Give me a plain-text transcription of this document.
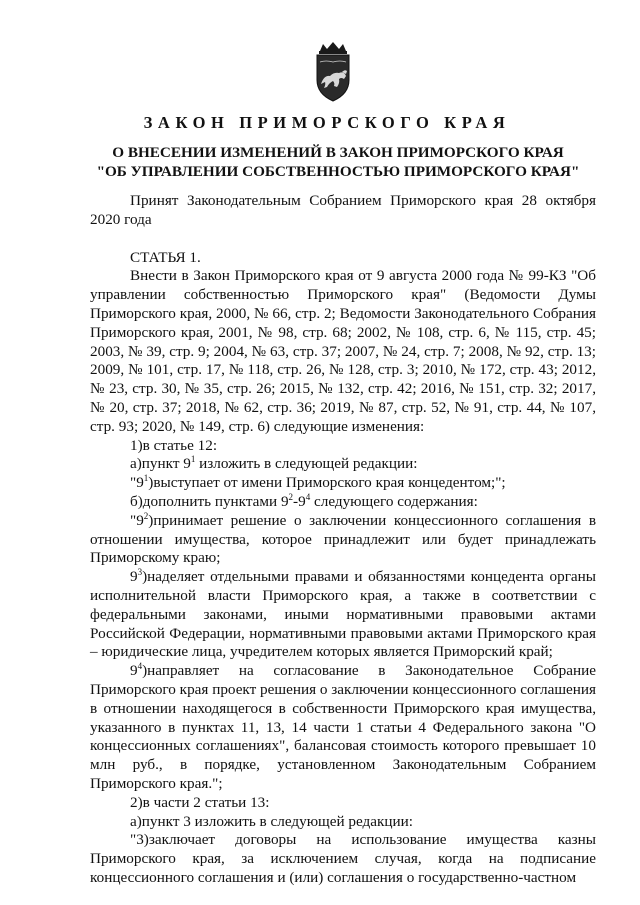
ЗАКОН ПРИМОРСКОГО КРАЯ
О ВНЕСЕНИИ ИЗМЕНЕНИЙ В ЗАКОН ПРИМОРСКОГО КРАЯ
"ОБ УПРАВЛЕНИИ СОБСТВЕННОСТЬЮ ПРИМОРСКОГО КРАЯ"

Принят Законодательным Собранием Приморского края 28 октября 2020 года

СТАТЬЯ 1.

Внести в Закон Приморского края от 9 августа 2000 года № 99-КЗ "Об управлении собственностью Приморского края" (Ведомости Думы Приморского края, 2000, № 66, стр. 2; Ведомости Законодательного Собрания Приморского края, 2001, № 98, стр. 68; 2002, № 108, стр. 6, № 115, стр. 45; 2003, № 39, стр. 9; 2004, № 63, стр. 37; 2007, № 24, стр. 7; 2008, № 92, стр. 13; 2009, № 101, стр. 17, № 118, стр. 26, № 128, стр. 3; 2010, № 172, стр. 43; 2012, № 23, стр. 30, № 35, стр. 26; 2015, № 132, стр. 42; 2016, № 151, стр. 32; 2017, № 20, стр. 37; 2018, № 62, стр. 36; 2019, № 87, стр. 52, № 91, стр. 44, № 107, стр. 93; 2020, № 149, стр. 6) следующие изменения:

1)в статье 12:

а)пункт $9^1$ изложить в следующей редакции:

"$9^1)выступает$ от имени Приморского края концедентом;";

б)дополнить пунктами $9^2-9^4$ следующего содержания:

"$9^2)принимает$ решение о заключении концессионного соглашения в отношении имущества, которое принадлежит или будет принадлежать Приморскому краю;

$9^3)наделяет$ отдельными правами и обязанностями концедента органы исполнительной власти Приморского края, а также в соответствии с федеральными законами, иными нормативными правовыми актами Российской Федерации, нормативными правовыми актами Приморского края – юридические лица, учредителем которых является Приморский край;

$9^4)направляет$ на согласование в Законодательное Собрание Приморского края проект решения о заключении концессионного соглашения в отношении находящегося в собственности Приморского края имущества, указанного в пунктах 11, 13, 14 части 1 статьи 4 Федерального закона "О концессионных соглашениях", балансовая стоимость которого превышает 10 млн руб., в порядке, установленном Законодательным Собранием Приморского края.";

2)в части 2 статьи 13:

а)пункт 3 изложить в следующей редакции:

"3)заключает договоры на использование имущества казны Приморского края, за исключением случая, когда на подписание концессионного соглашения и (или) соглашения о государственно-частном
